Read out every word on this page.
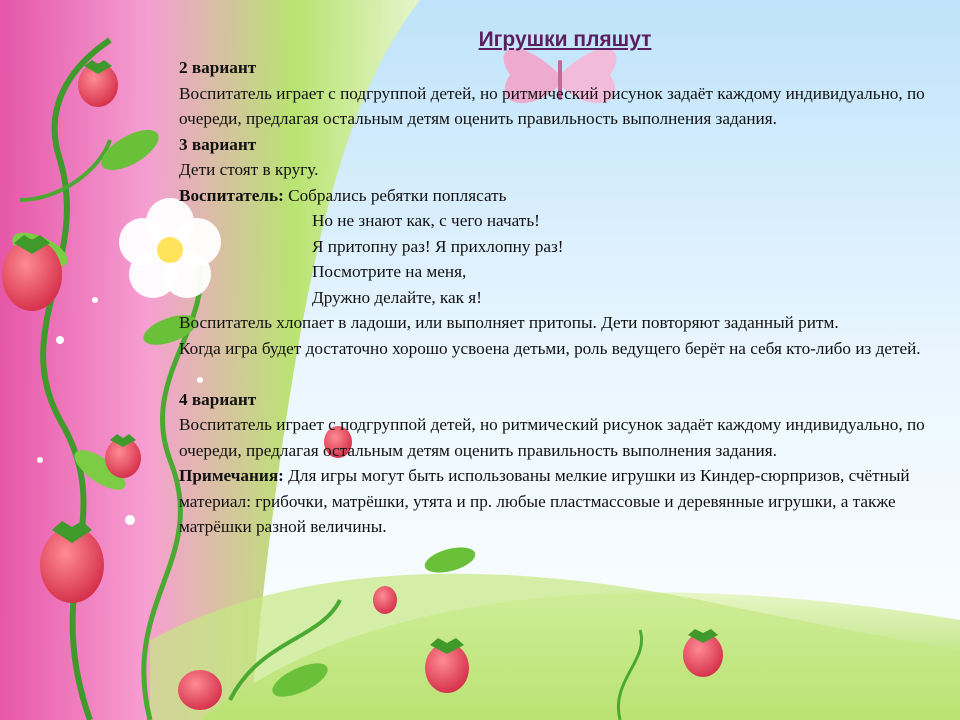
Игрушки пляшут

2 вариант

Воспитатель играет с подгруппой детей, но ритмический рисунок задаёт каждому индивидуально, по очереди, предлагая остальным детям оценить правильность выполнения задания.

3 вариант

Дети стоят в кругу.

Воспитатель: Собрались ребятки поплясать

Но не знают как, с чего начать!

Я притопну раз! Я прихлопну раз!

Посмотрите на меня,

Дружно делайте, как я!

Воспитатель хлопает в ладоши, или выполняет притопы. Дети повторяют заданный ритм.

Когда игра будет достаточно хорошо усвоена детьми, роль ведущего берёт на себя кто-либо из детей.

4 вариант

Воспитатель играет с подгруппой детей, но ритмический рисунок задаёт каждому индивидуально, по очереди, предлагая остальным детям оценить правильность выполнения задания.

Примечания: Для игры могут быть использованы мелкие игрушки из Киндер-сюрпризов, счётный материал: грибочки, матрёшки, утята и пр. любые пластмассовые и деревянные игрушки, а также матрёшки разной величины.
